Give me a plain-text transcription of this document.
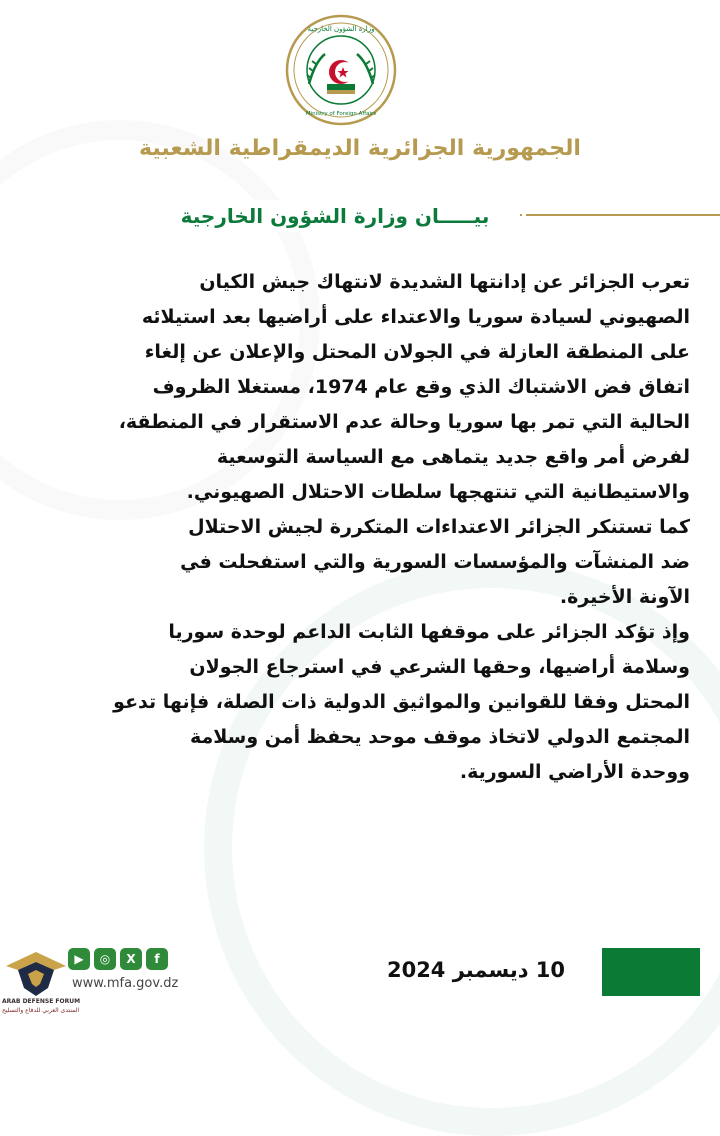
وزارة الشؤون الخارجية
Ministry of Foreign Affairs
الجمهورية الجزائرية الديمقراطية الشعبية
بيـــــان وزارة الشؤون الخارجية

تعرب الجزائر عن إدانتها الشديدة لانتهاك جيش الكيان

الصهيوني لسيادة سوريا والاعتداء على أراضيها بعد استيلائه

على المنطقة العازلة في الجولان المحتل والإعلان عن إلغاء

اتفاق فض الاشتباك الذي وقع عام 1974، مستغلا الظروف

الحالية التي تمر بها سوريا وحالة عدم الاستقرار في المنطقة،

لفرض أمر واقع جديد يتماهى مع السياسة التوسعية

والاستيطانية التي تنتهجها سلطات الاحتلال الصهيوني.

كما تستنكر الجزائر الاعتداءات المتكررة لجيش الاحتلال

ضد المنشآت والمؤسسات السورية والتي استفحلت في

الآونة الأخيرة.

وإذ تؤكد الجزائر على موقفها الثابت الداعم لوحدة سوريا

وسلامة أراضيها، وحقها الشرعي في استرجاع الجولان

المحتل وفقا للقوانين والمواثيق الدولية ذات الصلة، فإنها تدعو

المجتمع الدولي لاتخاذ موقف موحد يحفظ أمن وسلامة

ووحدة الأراضي السورية.

f
X
◎
▶
www.mfa.gov.dz
ARAB DEFENSE FORUM
المنتدى العربي للدفاع والتسليح
10 ديسمبر 2024
